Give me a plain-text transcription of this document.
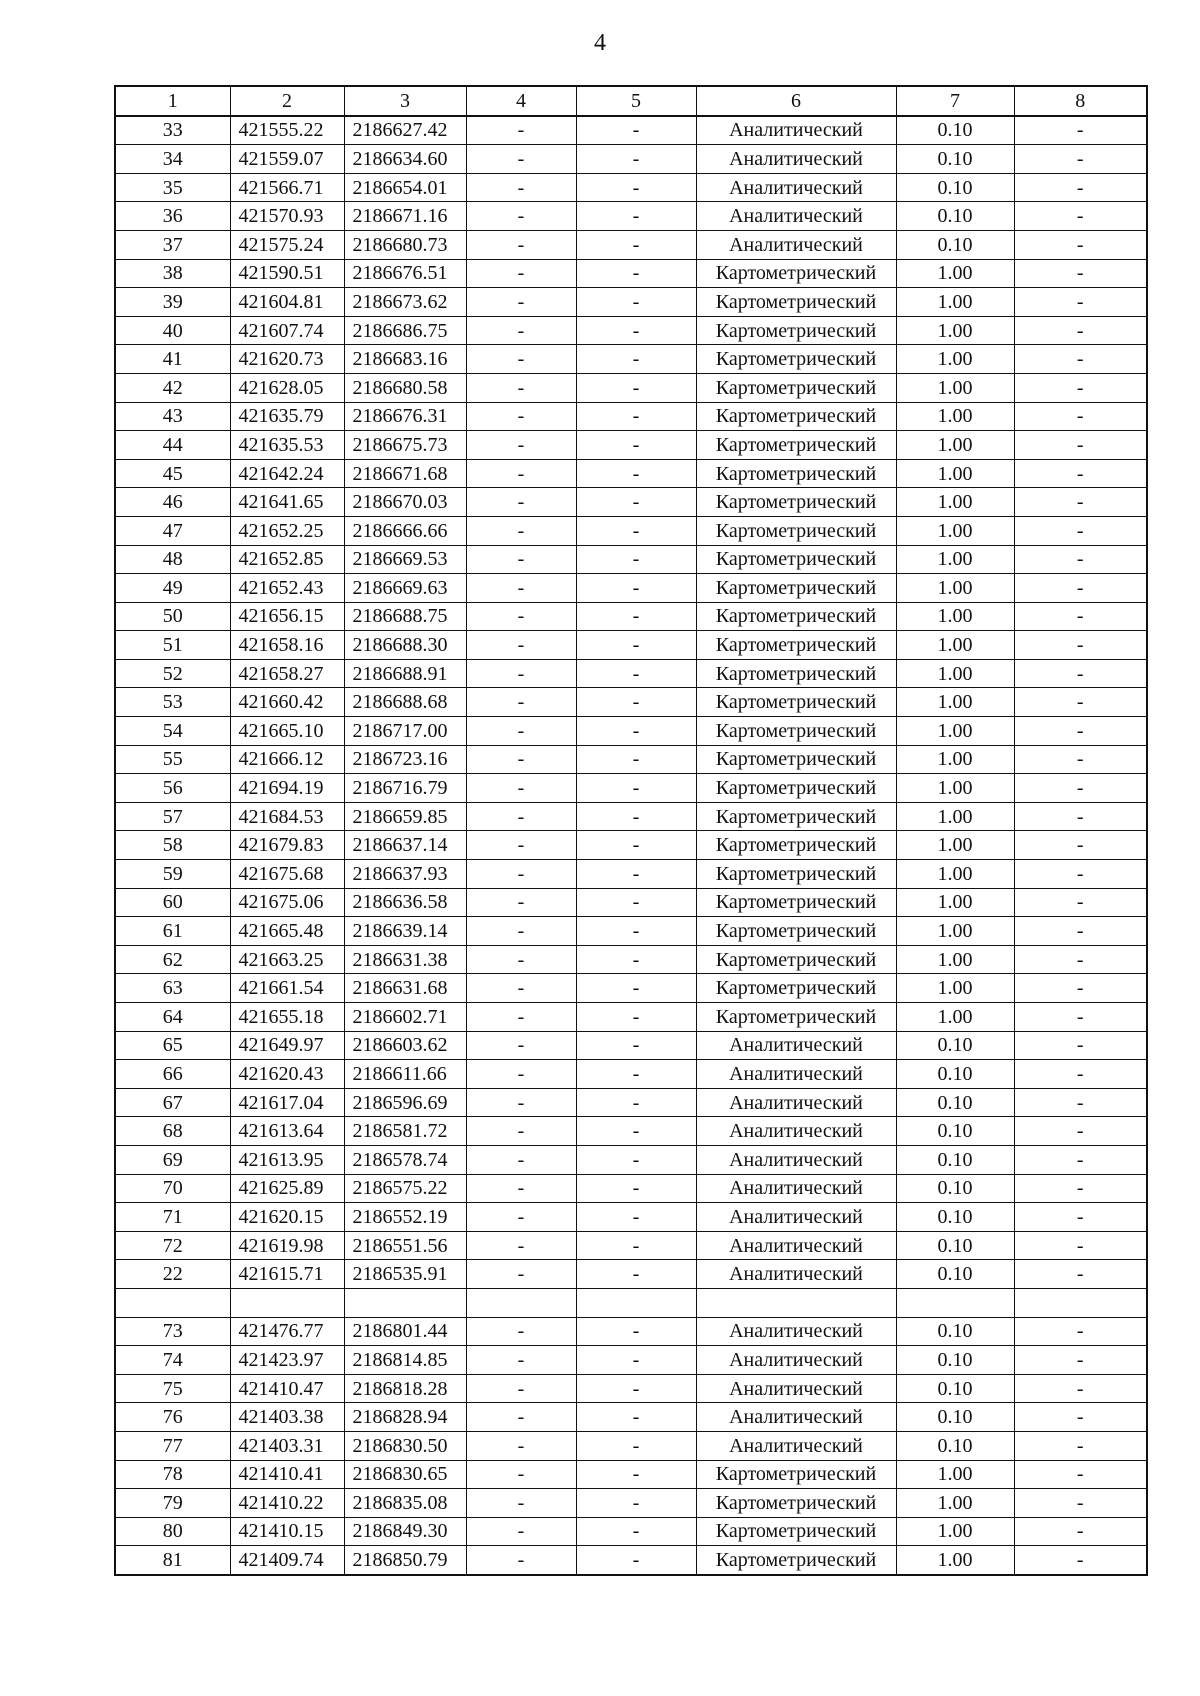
4
1	2	3	4	5	6	7	8
33	421555.22	2186627.42	-	-	Аналитический	0.10	-
34	421559.07	2186634.60	-	-	Аналитический	0.10	-
35	421566.71	2186654.01	-	-	Аналитический	0.10	-
36	421570.93	2186671.16	-	-	Аналитический	0.10	-
37	421575.24	2186680.73	-	-	Аналитический	0.10	-
38	421590.51	2186676.51	-	-	Картометрический	1.00	-
39	421604.81	2186673.62	-	-	Картометрический	1.00	-
40	421607.74	2186686.75	-	-	Картометрический	1.00	-
41	421620.73	2186683.16	-	-	Картометрический	1.00	-
42	421628.05	2186680.58	-	-	Картометрический	1.00	-
43	421635.79	2186676.31	-	-	Картометрический	1.00	-
44	421635.53	2186675.73	-	-	Картометрический	1.00	-
45	421642.24	2186671.68	-	-	Картометрический	1.00	-
46	421641.65	2186670.03	-	-	Картометрический	1.00	-
47	421652.25	2186666.66	-	-	Картометрический	1.00	-
48	421652.85	2186669.53	-	-	Картометрический	1.00	-
49	421652.43	2186669.63	-	-	Картометрический	1.00	-
50	421656.15	2186688.75	-	-	Картометрический	1.00	-
51	421658.16	2186688.30	-	-	Картометрический	1.00	-
52	421658.27	2186688.91	-	-	Картометрический	1.00	-
53	421660.42	2186688.68	-	-	Картометрический	1.00	-
54	421665.10	2186717.00	-	-	Картометрический	1.00	-
55	421666.12	2186723.16	-	-	Картометрический	1.00	-
56	421694.19	2186716.79	-	-	Картометрический	1.00	-
57	421684.53	2186659.85	-	-	Картометрический	1.00	-
58	421679.83	2186637.14	-	-	Картометрический	1.00	-
59	421675.68	2186637.93	-	-	Картометрический	1.00	-
60	421675.06	2186636.58	-	-	Картометрический	1.00	-
61	421665.48	2186639.14	-	-	Картометрический	1.00	-
62	421663.25	2186631.38	-	-	Картометрический	1.00	-
63	421661.54	2186631.68	-	-	Картометрический	1.00	-
64	421655.18	2186602.71	-	-	Картометрический	1.00	-
65	421649.97	2186603.62	-	-	Аналитический	0.10	-
66	421620.43	2186611.66	-	-	Аналитический	0.10	-
67	421617.04	2186596.69	-	-	Аналитический	0.10	-
68	421613.64	2186581.72	-	-	Аналитический	0.10	-
69	421613.95	2186578.74	-	-	Аналитический	0.10	-
70	421625.89	2186575.22	-	-	Аналитический	0.10	-
71	421620.15	2186552.19	-	-	Аналитический	0.10	-
72	421619.98	2186551.56	-	-	Аналитический	0.10	-
22	421615.71	2186535.91	-	-	Аналитический	0.10	-

73	421476.77	2186801.44	-	-	Аналитический	0.10	-
74	421423.97	2186814.85	-	-	Аналитический	0.10	-
75	421410.47	2186818.28	-	-	Аналитический	0.10	-
76	421403.38	2186828.94	-	-	Аналитический	0.10	-
77	421403.31	2186830.50	-	-	Аналитический	0.10	-
78	421410.41	2186830.65	-	-	Картометрический	1.00	-
79	421410.22	2186835.08	-	-	Картометрический	1.00	-
80	421410.15	2186849.30	-	-	Картометрический	1.00	-
81	421409.74	2186850.79	-	-	Картометрический	1.00	-
